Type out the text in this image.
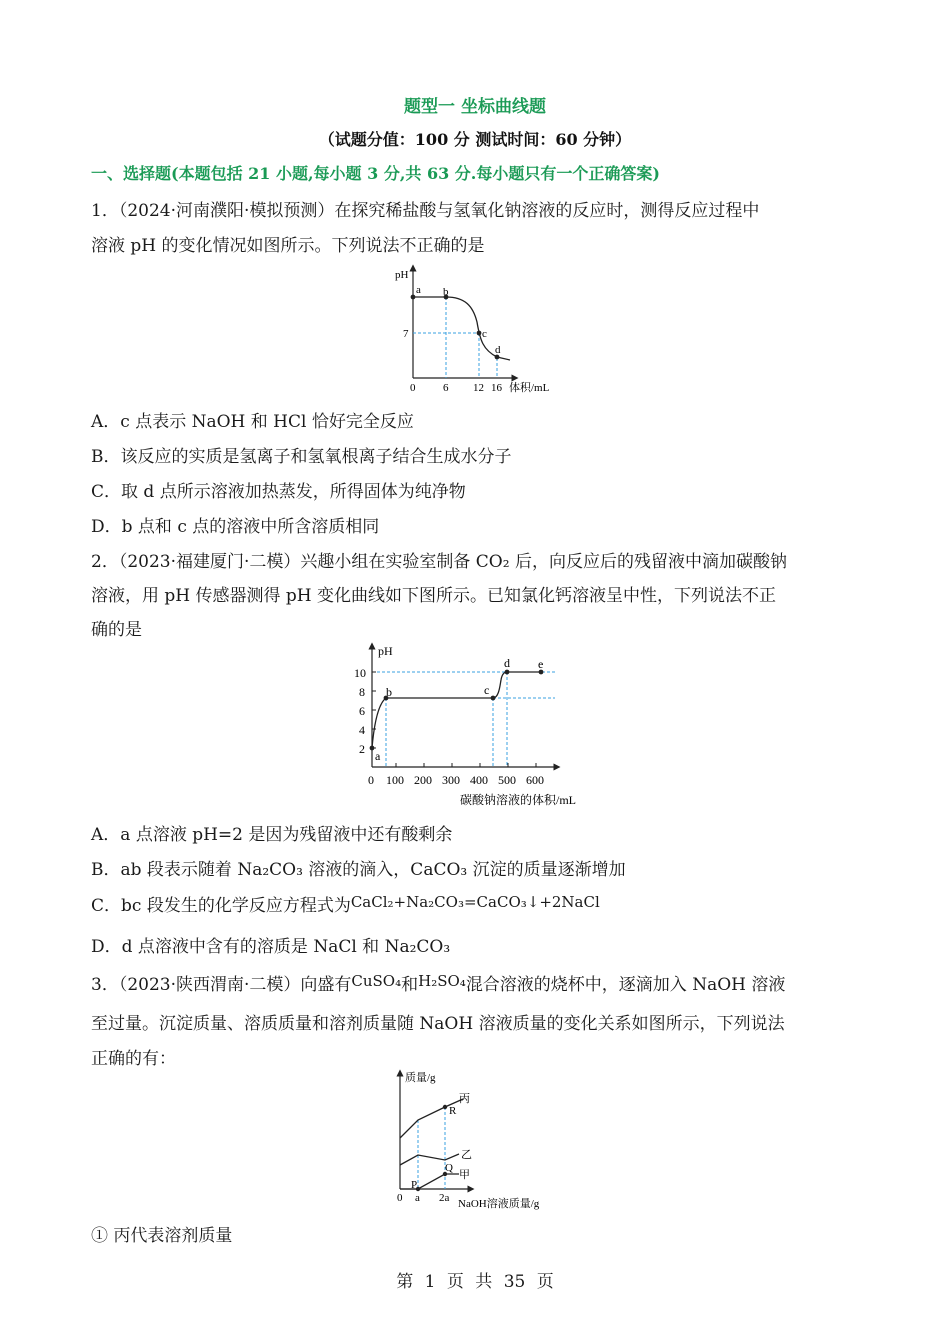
题型一 坐标曲线题
（试题分值：100 分 测试时间：60 分钟）
一、选择题(本题包括 21 小题,每小题 3 分,共 63 分.每小题只有一个正确答案)
1．（2024·河南濮阳·模拟预测）在探究稀盐酸与氢氧化钠溶液的反应时，测得反应过程中
溶液 pH 的变化情况如图所示。下列说法不正确的是
pH
a b
c
d
7
0	6 12 16 体积/mL
A．c 点表示 NaOH 和 HCl 恰好完全反应
B．该反应的实质是氢离子和氢氧根离子结合生成水分子
C．取 d 点所示溶液加热蒸发，所得固体为纯净物
D．b 点和 c 点的溶液中所含溶质相同
2．（2023·福建厦门·二模）兴趣小组在实验室制备 CO₂ 后，向反应后的残留液中滴加碳酸钠
溶液，用 pH 传感器测得 pH 变化曲线如下图所示。已知氯化钙溶液呈中性，下列说法不正
确的是
pH
10
8
6
4
2 a
b	c
d e
0 100 200 300 400 500 600
碳酸钠溶液的体积/mL
A．a 点溶液 pH=2 是因为残留液中还有酸剩余
B．ab 段表示随着 Na₂CO₃ 溶液的滴入，CaCO₃ 沉淀的质量逐渐增加
C．bc 段发生的化学反应方程式为CaCl₂+Na₂CO₃=CaCO₃↓+2NaCl
D．d 点溶液中含有的溶质是 NaCl 和 Na₂CO₃
3．（2023·陕西渭南·二模）向盛有CuSO₄和H₂SO₄混合溶液的烧杯中，逐滴加入 NaOH 溶液
至过量。沉淀质量、溶质质量和溶剂质量随 NaOH 溶液质量的变化关系如图所示，下列说法
正确的有：
质量/g
丙
乙
甲
R
Q
P
0 a 2a NaOH溶液质量/g
① 丙代表溶剂质量
第 1 页 共 35 页
